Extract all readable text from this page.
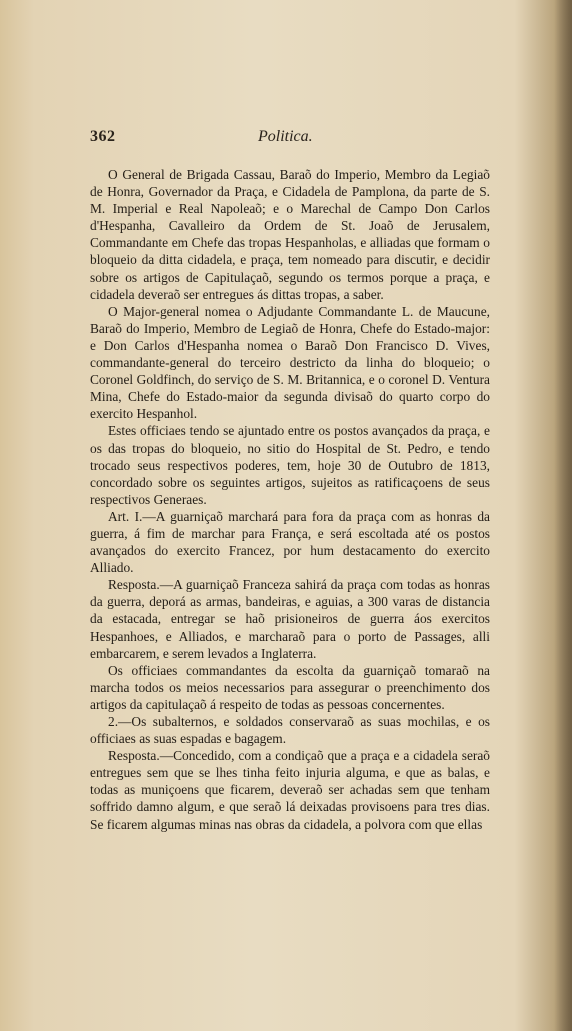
362	Politica.

O General de Brigada Cassau, Baraõ do Imperio, Membro da Legiaõ de Honra, Governador da Praça, e Cidadela de Pamplona, da parte de S. M. Imperial e Real Napoleaõ; e o Marechal de Campo Don Carlos d'Hespanha, Cavalleiro da Ordem de St. Joaõ de Jerusalem, Commandante em Chefe das tropas Hespanholas, e alliadas que formam o bloqueio da ditta cidadela, e praça, tem nomeado para discutir, e decidir sobre os artigos de Capitulaçaõ, segundo os termos porque a praça, e cidadela deveraõ ser entregues ás dittas tropas, a saber.

O Major-general nomea o Adjudante Commandante L. de Maucune, Baraõ do Imperio, Membro de Legiaõ de Honra, Chefe do Estado-major: e Don Carlos d'Hespanha nomea o Baraõ Don Francisco D. Vives, commandante-general do terceiro destricto da linha do bloqueio; o Coronel Goldfinch, do serviço de S. M. Britannica, e o coronel D. Ventura Mina, Chefe do Estado-maior da segunda divisaõ do quarto corpo do exercito Hespanhol.

Estes officiaes tendo se ajuntado entre os postos avançados da praça, e os das tropas do bloqueio, no sitio do Hospital de St. Pedro, e tendo trocado seus respectivos poderes, tem, hoje 30 de Outubro de 1813, concordado sobre os seguintes artigos, sujeitos as ratificaçoens de seus respectivos Generaes.

Art. I.—A guarniçaõ marchará para fora da praça com as honras da guerra, á fim de marchar para França, e será escoltada até os postos avançados do exercito Francez, por hum destacamento do exercito Alliado.

Resposta.—A guarniçaõ Franceza sahirá da praça com todas as honras da guerra, deporá as armas, bandeiras, e aguias, a 300 varas de distancia da estacada, entregar se haõ prisioneiros de guerra áos exercitos Hespanhoes, e Alliados, e marcharaõ para o porto de Passages, alli embarcarem, e serem levados a Inglaterra.

Os officiaes commandantes da escolta da guarniçaõ tomaraõ na marcha todos os meios necessarios para assegurar o preenchimento dos artigos da capitulaçaõ á respeito de todas as pessoas concernentes.

2.—Os subalternos, e soldados conservaraõ as suas mochilas, e os officiaes as suas espadas e bagagem.

Resposta.—Concedido, com a condiçaõ que a praça e a cidadela seraõ entregues sem que se lhes tinha feito injuria alguma, e que as balas, e todas as muniçoens que ficarem, deveraõ ser achadas sem que tenham soffrido damno algum, e que seraõ lá deixadas provisoens para tres dias. Se ficarem algumas minas nas obras da cidadela, a polvora com que ellas
